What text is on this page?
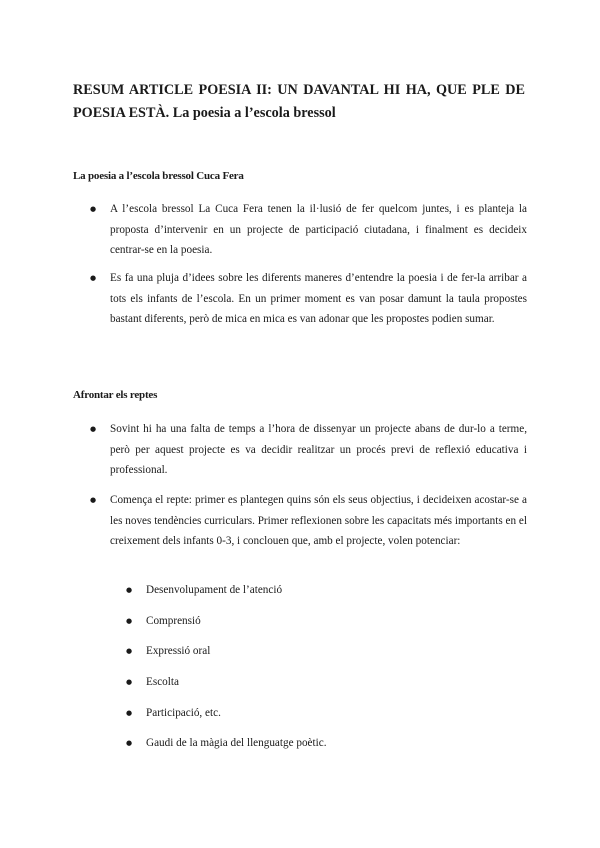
RESUM ARTICLE POESIA II: UN DAVANTAL HI HA, QUE PLE DE POESIA ESTÀ. La poesia a l’escola bressol

La poesia a l’escola bressol Cuca Fera

● A l’escola bressol La Cuca Fera tenen la il·lusió de fer quelcom juntes, i es planteja la proposta d’intervenir en un projecte de participació ciutadana, i finalment es decideix centrar-se en la poesia.

● Es fa una pluja d’idees sobre les diferents maneres d’entendre la poesia i de fer-la arribar a tots els infants de l’escola. En un primer moment es van posar damunt la taula propostes bastant diferents, però de mica en mica es van adonar que les propostes podien sumar.

Afrontar els reptes

● Sovint hi ha una falta de temps a l’hora de dissenyar un projecte abans de dur-lo a terme, però per aquest projecte es va decidir realitzar un procés previ de reflexió educativa i professional.

● Comença el repte: primer es plantegen quins són els seus objectius, i decideixen acostar-se a les noves tendències curriculars. Primer reflexionen sobre les capacitats més importants en el creixement dels infants 0-3, i conclouen que, amb el projecte, volen potenciar:

● Desenvolupament de l’atenció

● Comprensió

● Expressió oral

● Escolta

● Participació, etc.

● Gaudi de la màgia del llenguatge poètic.
